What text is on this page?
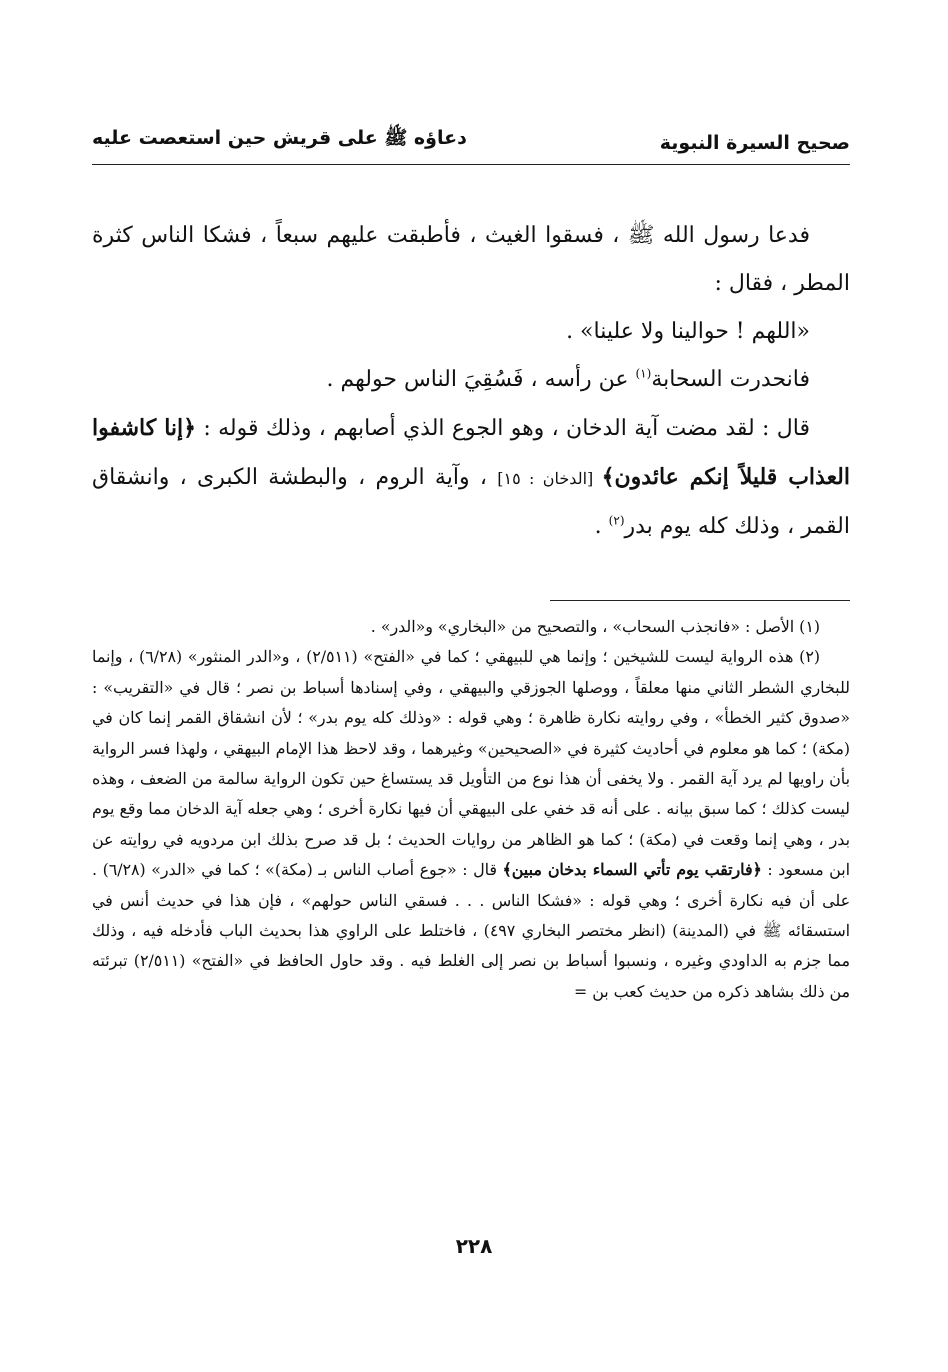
صحيح السيرة النبوية
دعاؤه ﷺ على قريش حين استعصت عليه

فدعا رسول الله ﷺ ، فسقوا الغيث ، فأطبقت عليهم سبعاً ، فشكا الناس كثرة المطر ، فقال :

«اللهم ! حوالينا ولا علينا» .

فانحدرت السحابة$^{(١)}$ عن رأسه ، فَسُقِيَ الناس حولهم .

قال : لقد مضت آية الدخان ، وهو الجوع الذي أصابهم ، وذلك قوله : ﴿إنا كاشفوا العذاب قليلاً إنكم عائدون﴾ [الدخان : ١٥] ، وآية الروم ، والبطشة الكبرى ، وانشقاق القمر ، وذلك كله يوم بدر$^{(٢)}$ .

(١) الأصل : «فانجذب السحاب» ، والتصحيح من «البخاري» و«الدر» .

(٢) هذه الرواية ليست للشيخين ؛ وإنما هي للبيهقي ؛ كما في «الفتح» (٢/٥١١) ، و«الدر المنثور» (٦/٢٨) ، وإنما للبخاري الشطر الثاني منها معلقاً ، ووصلها الجوزقي والبيهقي ، وفي إسنادها أسباط بن نصر ؛ قال في «التقريب» : «صدوق كثير الخطأ» ، وفي روايته نكارة ظاهرة ؛ وهي قوله : «وذلك كله يوم بدر» ؛ لأن انشقاق القمر إنما كان في (مكة) ؛ كما هو معلوم في أحاديث كثيرة في «الصحيحين» وغيرهما ، وقد لاحظ هذا الإمام البيهقي ، ولهذا فسر الرواية بأن راويها لم يرد آية القمر . ولا يخفى أن هذا نوع من التأويل قد يستساغ حين تكون الرواية سالمة من الضعف ، وهذه ليست كذلك ؛ كما سبق بيانه . على أنه قد خفي على البيهقي أن فيها نكارة أخرى ؛ وهي جعله آية الدخان مما وقع يوم بدر ، وهي إنما وقعت في (مكة) ؛ كما هو الظاهر من روايات الحديث ؛ بل قد صرح بذلك ابن مردويه في روايته عن ابن مسعود : ﴿فارتقب يوم تأتي السماء بدخان مبين﴾ قال : «جوع أصاب الناس بـ (مكة)» ؛ كما في «الدر» (٦/٢٨) . على أن فيه نكارة أخرى ؛ وهي قوله : «فشكا الناس . . . فسقي الناس حولهم» ، فإن هذا في حديث أنس في استسقائه ﷺ في (المدينة) (انظر مختصر البخاري ٤٩٧) ، فاختلط على الراوي هذا بحديث الباب فأدخله فيه ، وذلك مما جزم به الداودي وغيره ، ونسبوا أسباط بن نصر إلى الغلط فيه . وقد حاول الحافظ في «الفتح» (٢/٥١١) تبرئته من ذلك بشاهد ذكره من حديث كعب بن =

٢٢٨
